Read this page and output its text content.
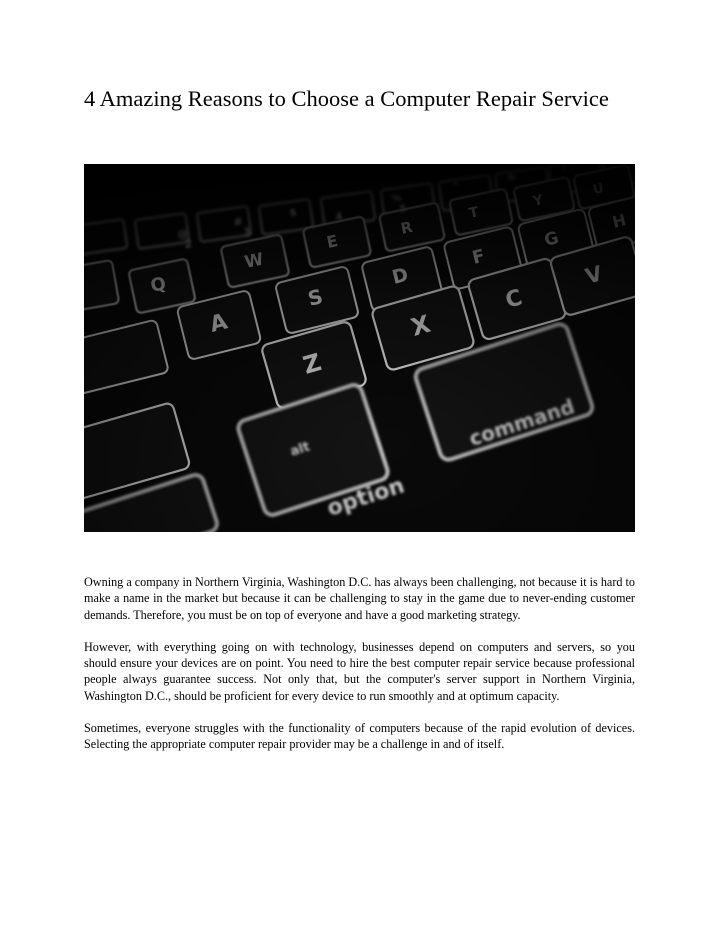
4 Amazing Reasons to Choose a Computer Repair Service

Owning a company in Northern Virginia, Washington D.C. has always been challenging, not because it is hard to make a name in the market but because it can be challenging to stay in the game due to never-ending customer demands. Therefore, you must be on top of everyone and have a good marketing strategy.

However, with everything going on with technology, businesses depend on computers and servers, so you should ensure your devices are on point. You need to hire the best computer repair service because professional people always guarantee success. Not only that, but the computer's server support in Northern Virginia, Washington D.C., should be proficient for every device to run smoothly and at optimum capacity.

Sometimes, everyone struggles with the functionality of computers because of the rapid evolution of devices. Selecting the appropriate computer repair provider may be a challenge in and of itself.
